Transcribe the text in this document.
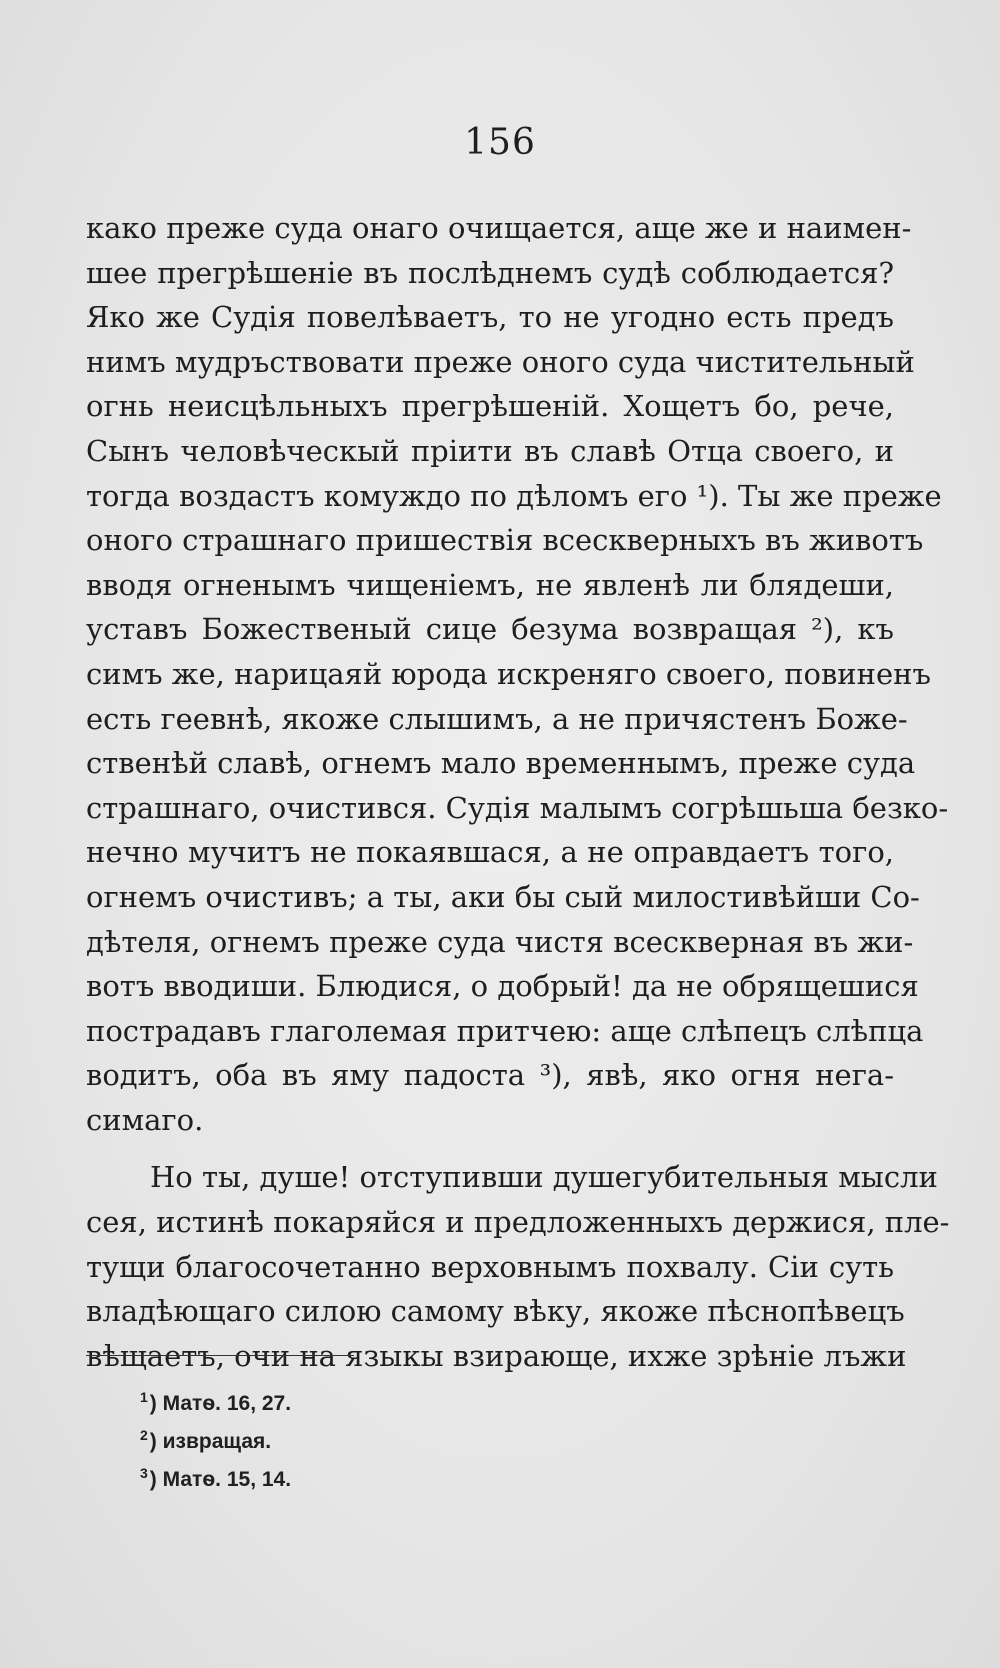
156
како преже суда онаго очищается, аще же и наимен-
шее прегрѣшеніе въ послѣднемъ судѣ соблюдается?
Яко же Судія повелѣваетъ, то не угодно есть предъ
нимъ мудръствовати преже оного суда чиститeльный
огнь неисцѣльныхъ прегрѣшеній. Хощетъ бо, рече,
Сынъ человѣческый пріити въ славѣ Отца своего, и
тогда воздастъ комуждо по дѣломъ его ¹). Ты же преже
оного страшнаго пришествія всескверныхъ въ животъ
вводя огненымъ чищеніемъ, не явленѣ ли блядеши,
уставъ Божественый сице безума возвращая ²), къ
симъ же, нарицаяй юрода искреняго своего, повиненъ
есть геевнѣ, якоже слышимъ, а не причястенъ Боже-
ственѣй славѣ, огнемъ мало временнымъ, преже суда
страшнаго, очистився. Судія малымъ согрѣшьша безко-
нечно мучитъ не покаявшася, а не оправдаетъ того,
огнемъ очистивъ; а ты, аки бы сый милостивѣйши Со-
дѣтеля, огнемъ преже суда чистя всескверная въ жи-
вотъ вводиши. Блюдися, о добрый! да не обрящешися
пострадавъ глаголемая притчею: аще слѣпецъ слѣпца
водитъ, оба въ яму падоста ³), явѣ, яко огня нега-
симаго.
Но ты, душе! отступивши душегубительныя мысли
сея, истинѣ покаряйся и предложенныхъ держися, пле-
тущи благосочетанно верховнымъ похвалу. Сіи суть
владѣющаго силою самому вѣку, якоже пѣснопѣвецъ
вѣщаетъ, очи на языкы взирающе, ихже зрѣніе лъжи
$^1$) Матѳ. 16, 27.
$^2$) извращая.
$^3$) Матѳ. 15, 14.
